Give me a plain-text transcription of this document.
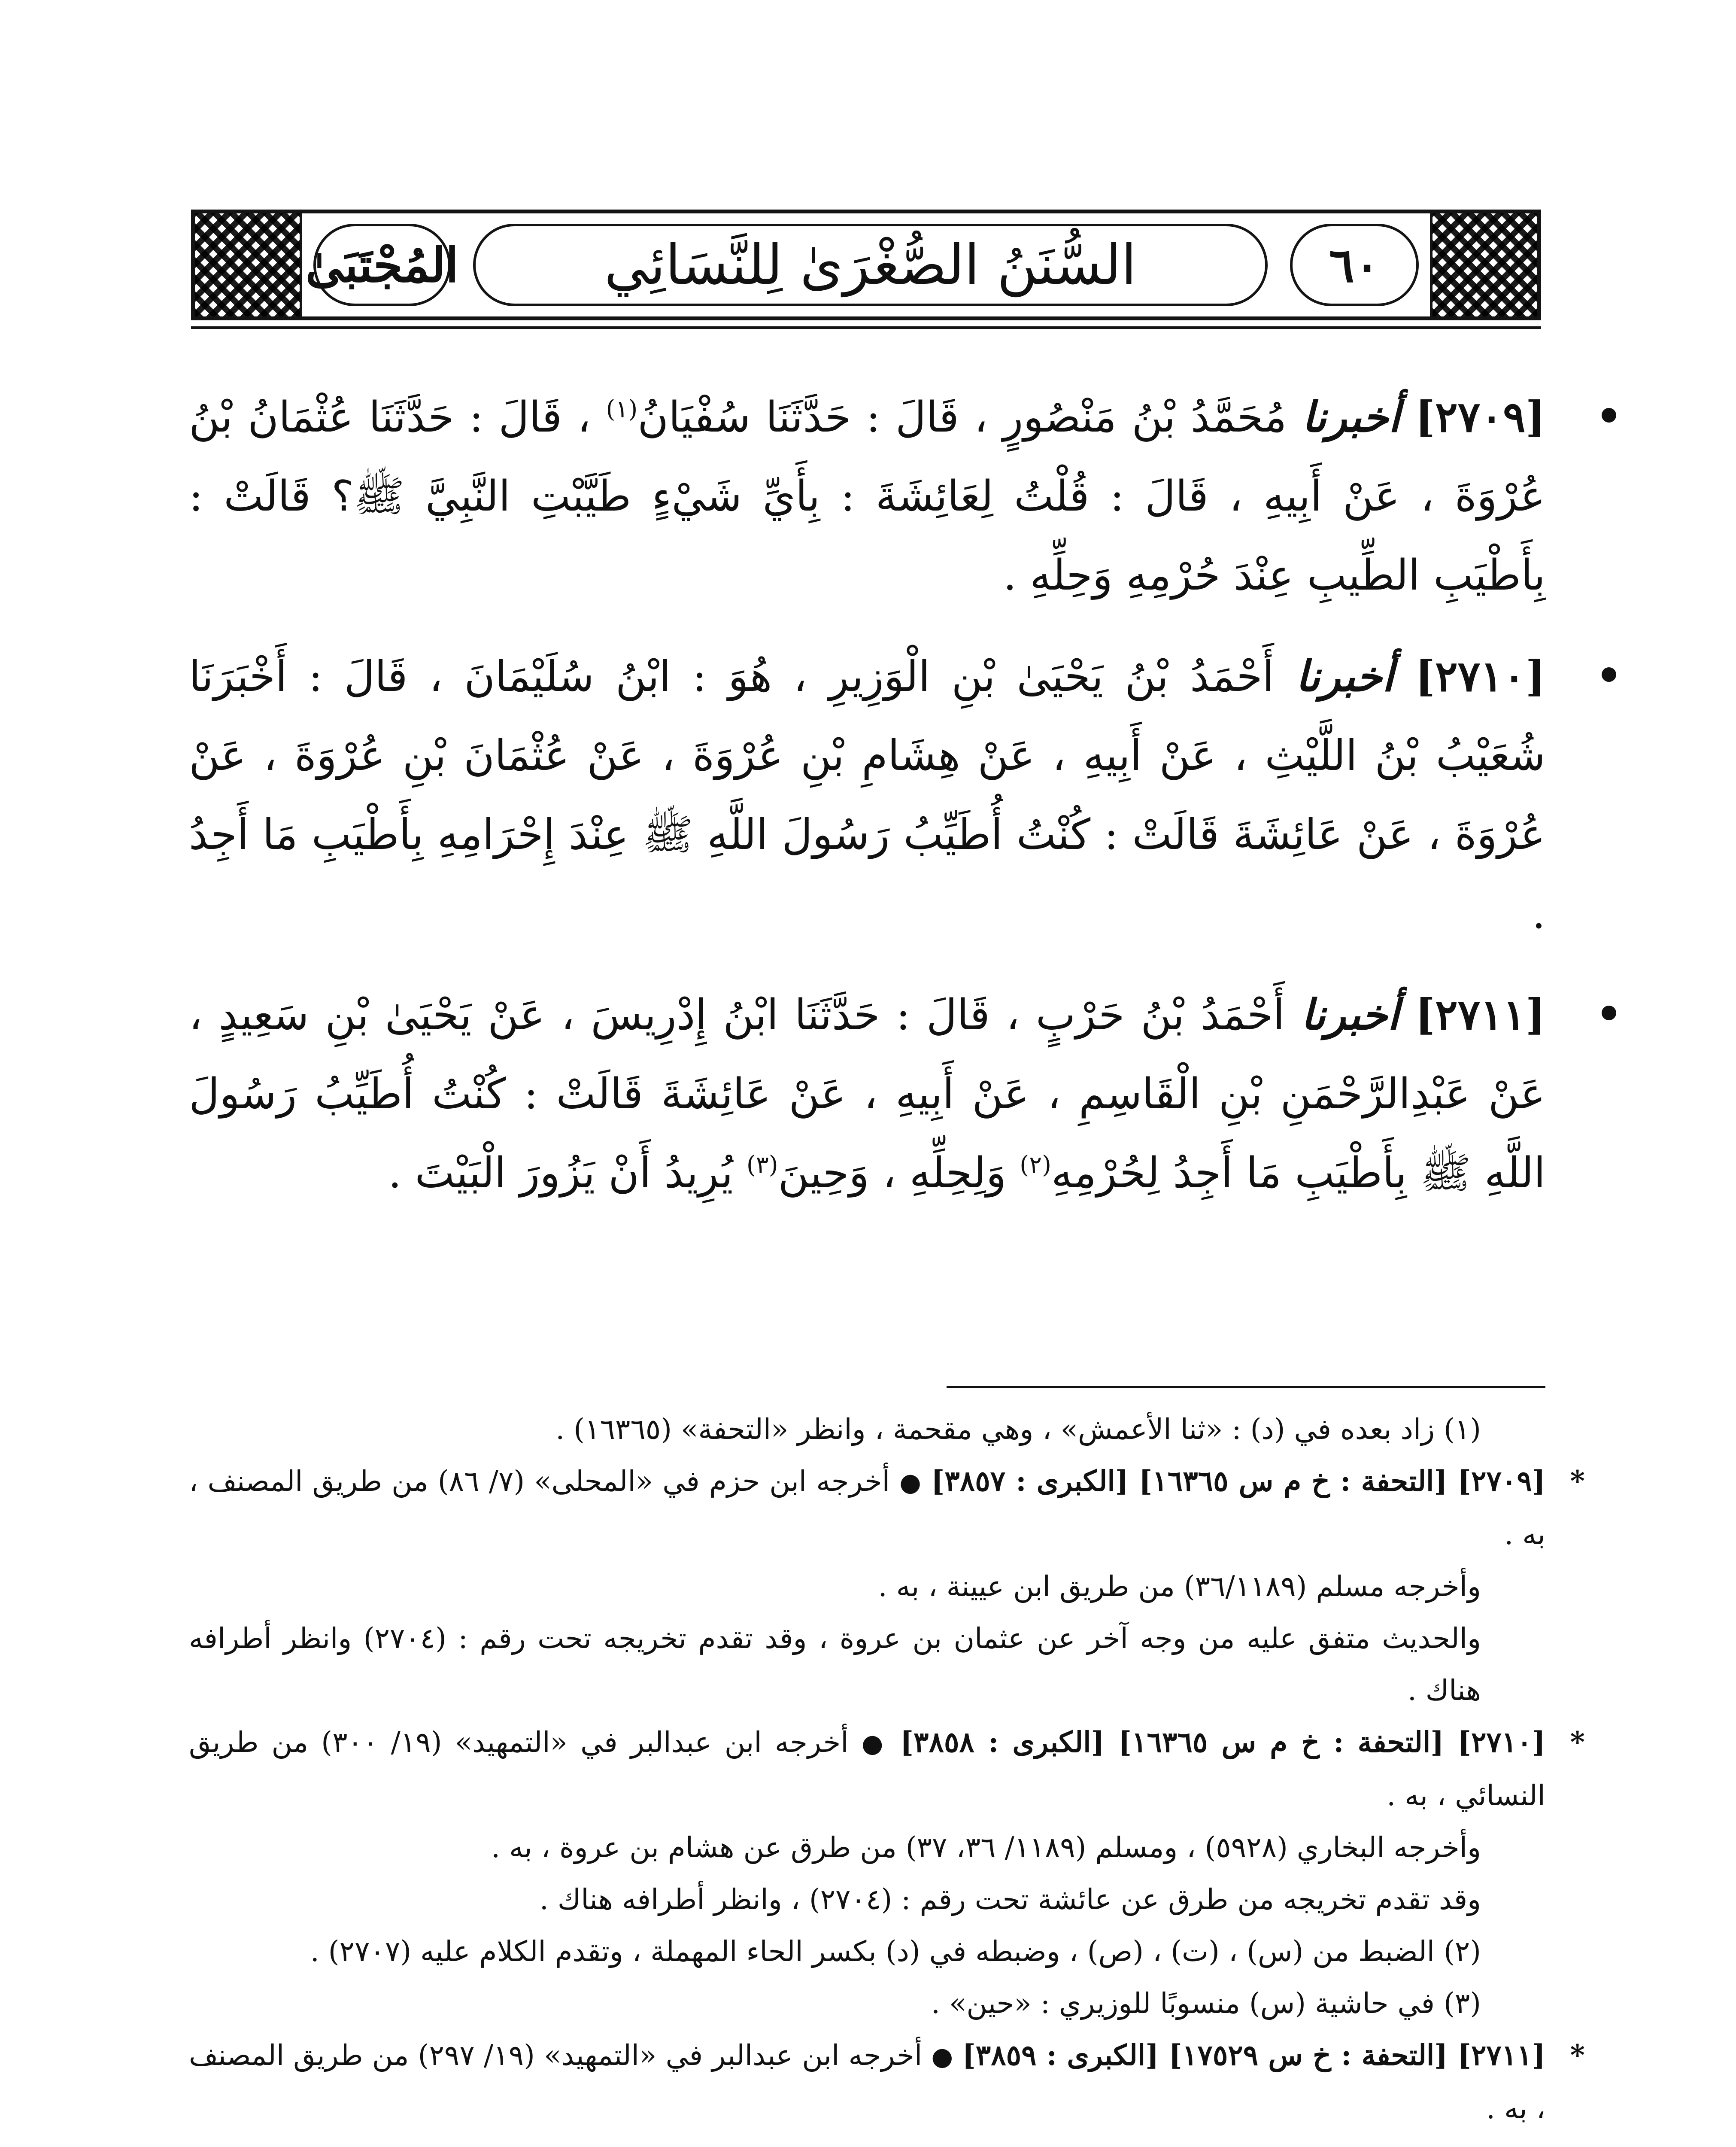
المُجْتَبَىٰ	السُّنَنُ الصُّغْرَىٰ لِلنَّسَائِي	٦٠
[٢٧٠٩] أخبرنا مُحَمَّدُ بْنُ مَنْصُورٍ ، قَالَ : حَدَّثَنَا سُفْيَانُ$^{(١)}$ ، قَالَ : حَدَّثَنَا عُثْمَانُ بْنُ عُرْوَةَ ، عَنْ أَبِيهِ ، قَالَ : قُلْتُ لِعَائِشَةَ : بِأَيِّ شَيْءٍ طَيَّبْتِ النَّبِيَّ ﷺ؟ قَالَتْ : بِأَطْيَبِ الطِّيبِ عِنْدَ حُرْمِهِ وَحِلِّهِ .
[٢٧١٠] أخبرنا أَحْمَدُ بْنُ يَحْيَىٰ بْنِ الْوَزِيرِ ، هُوَ : ابْنُ سُلَيْمَانَ ، قَالَ : أَخْبَرَنَا شُعَيْبُ بْنُ اللَّيْثِ ، عَنْ أَبِيهِ ، عَنْ هِشَامِ بْنِ عُرْوَةَ ، عَنْ عُثْمَانَ بْنِ عُرْوَةَ ، عَنْ عُرْوَةَ ، عَنْ عَائِشَةَ قَالَتْ : كُنْتُ أُطَيِّبُ رَسُولَ اللَّهِ ﷺ عِنْدَ إِحْرَامِهِ بِأَطْيَبِ مَا أَجِدُ .
[٢٧١١] أخبرنا أَحْمَدُ بْنُ حَرْبٍ ، قَالَ : حَدَّثَنَا ابْنُ إِدْرِيسَ ، عَنْ يَحْيَىٰ بْنِ سَعِيدٍ ، عَنْ عَبْدِالرَّحْمَنِ بْنِ الْقَاسِمِ ، عَنْ أَبِيهِ ، عَنْ عَائِشَةَ قَالَتْ : كُنْتُ أُطَيِّبُ رَسُولَ اللَّهِ ﷺ بِأَطْيَبِ مَا أَجِدُ لِحُرْمِهِ$^{(٢)}$ وَلِحِلِّهِ ، وَحِينَ$^{(٣)}$ يُرِيدُ أَنْ يَزُورَ الْبَيْتَ .

(١) زاد بعده في (د) : «ثنا الأعمش» ، وهي مقحمة ، وانظر «التحفة» (١٦٣٦٥) .

*
[٢٧٠٩] [التحفة : خ م س ١٦٣٦٥] [الكبرى : ٣٨٥٧] ● أخرجه ابن حزم في «المحلى» (٧/ ٨٦) من طريق المصنف ، به .

وأخرجه مسلم (٣٦/١١٨٩) من طريق ابن عيينة ، به .

والحديث متفق عليه من وجه آخر عن عثمان بن عروة ، وقد تقدم تخريجه تحت رقم : (٢٧٠٤) وانظر أطرافه هناك .

*
[٢٧١٠] [التحفة : خ م س ١٦٣٦٥] [الكبرى : ٣٨٥٨] ● أخرجه ابن عبدالبر في «التمهيد» (١٩/ ٣٠٠) من طريق النسائي ، به .

وأخرجه البخاري (٥٩٢٨) ، ومسلم (١١٨٩/ ٣٦، ٣٧) من طرق عن هشام بن عروة ، به .

وقد تقدم تخريجه من طرق عن عائشة تحت رقم : (٢٧٠٤) ، وانظر أطرافه هناك .

(٢) الضبط من (س) ، (ت) ، (ص) ، وضبطه في (د) بكسر الحاء المهملة ، وتقدم الكلام عليه (٢٧٠٧) .

(٣) في حاشية (س) منسوبًا للوزيري : «حين» .

*
[٢٧١١] [التحفة : خ س ١٧٥٢٩] [الكبرى : ٣٨٥٩] ● أخرجه ابن عبدالبر في «التمهيد» (١٩/ ٢٩٧) من طريق المصنف ، به .
